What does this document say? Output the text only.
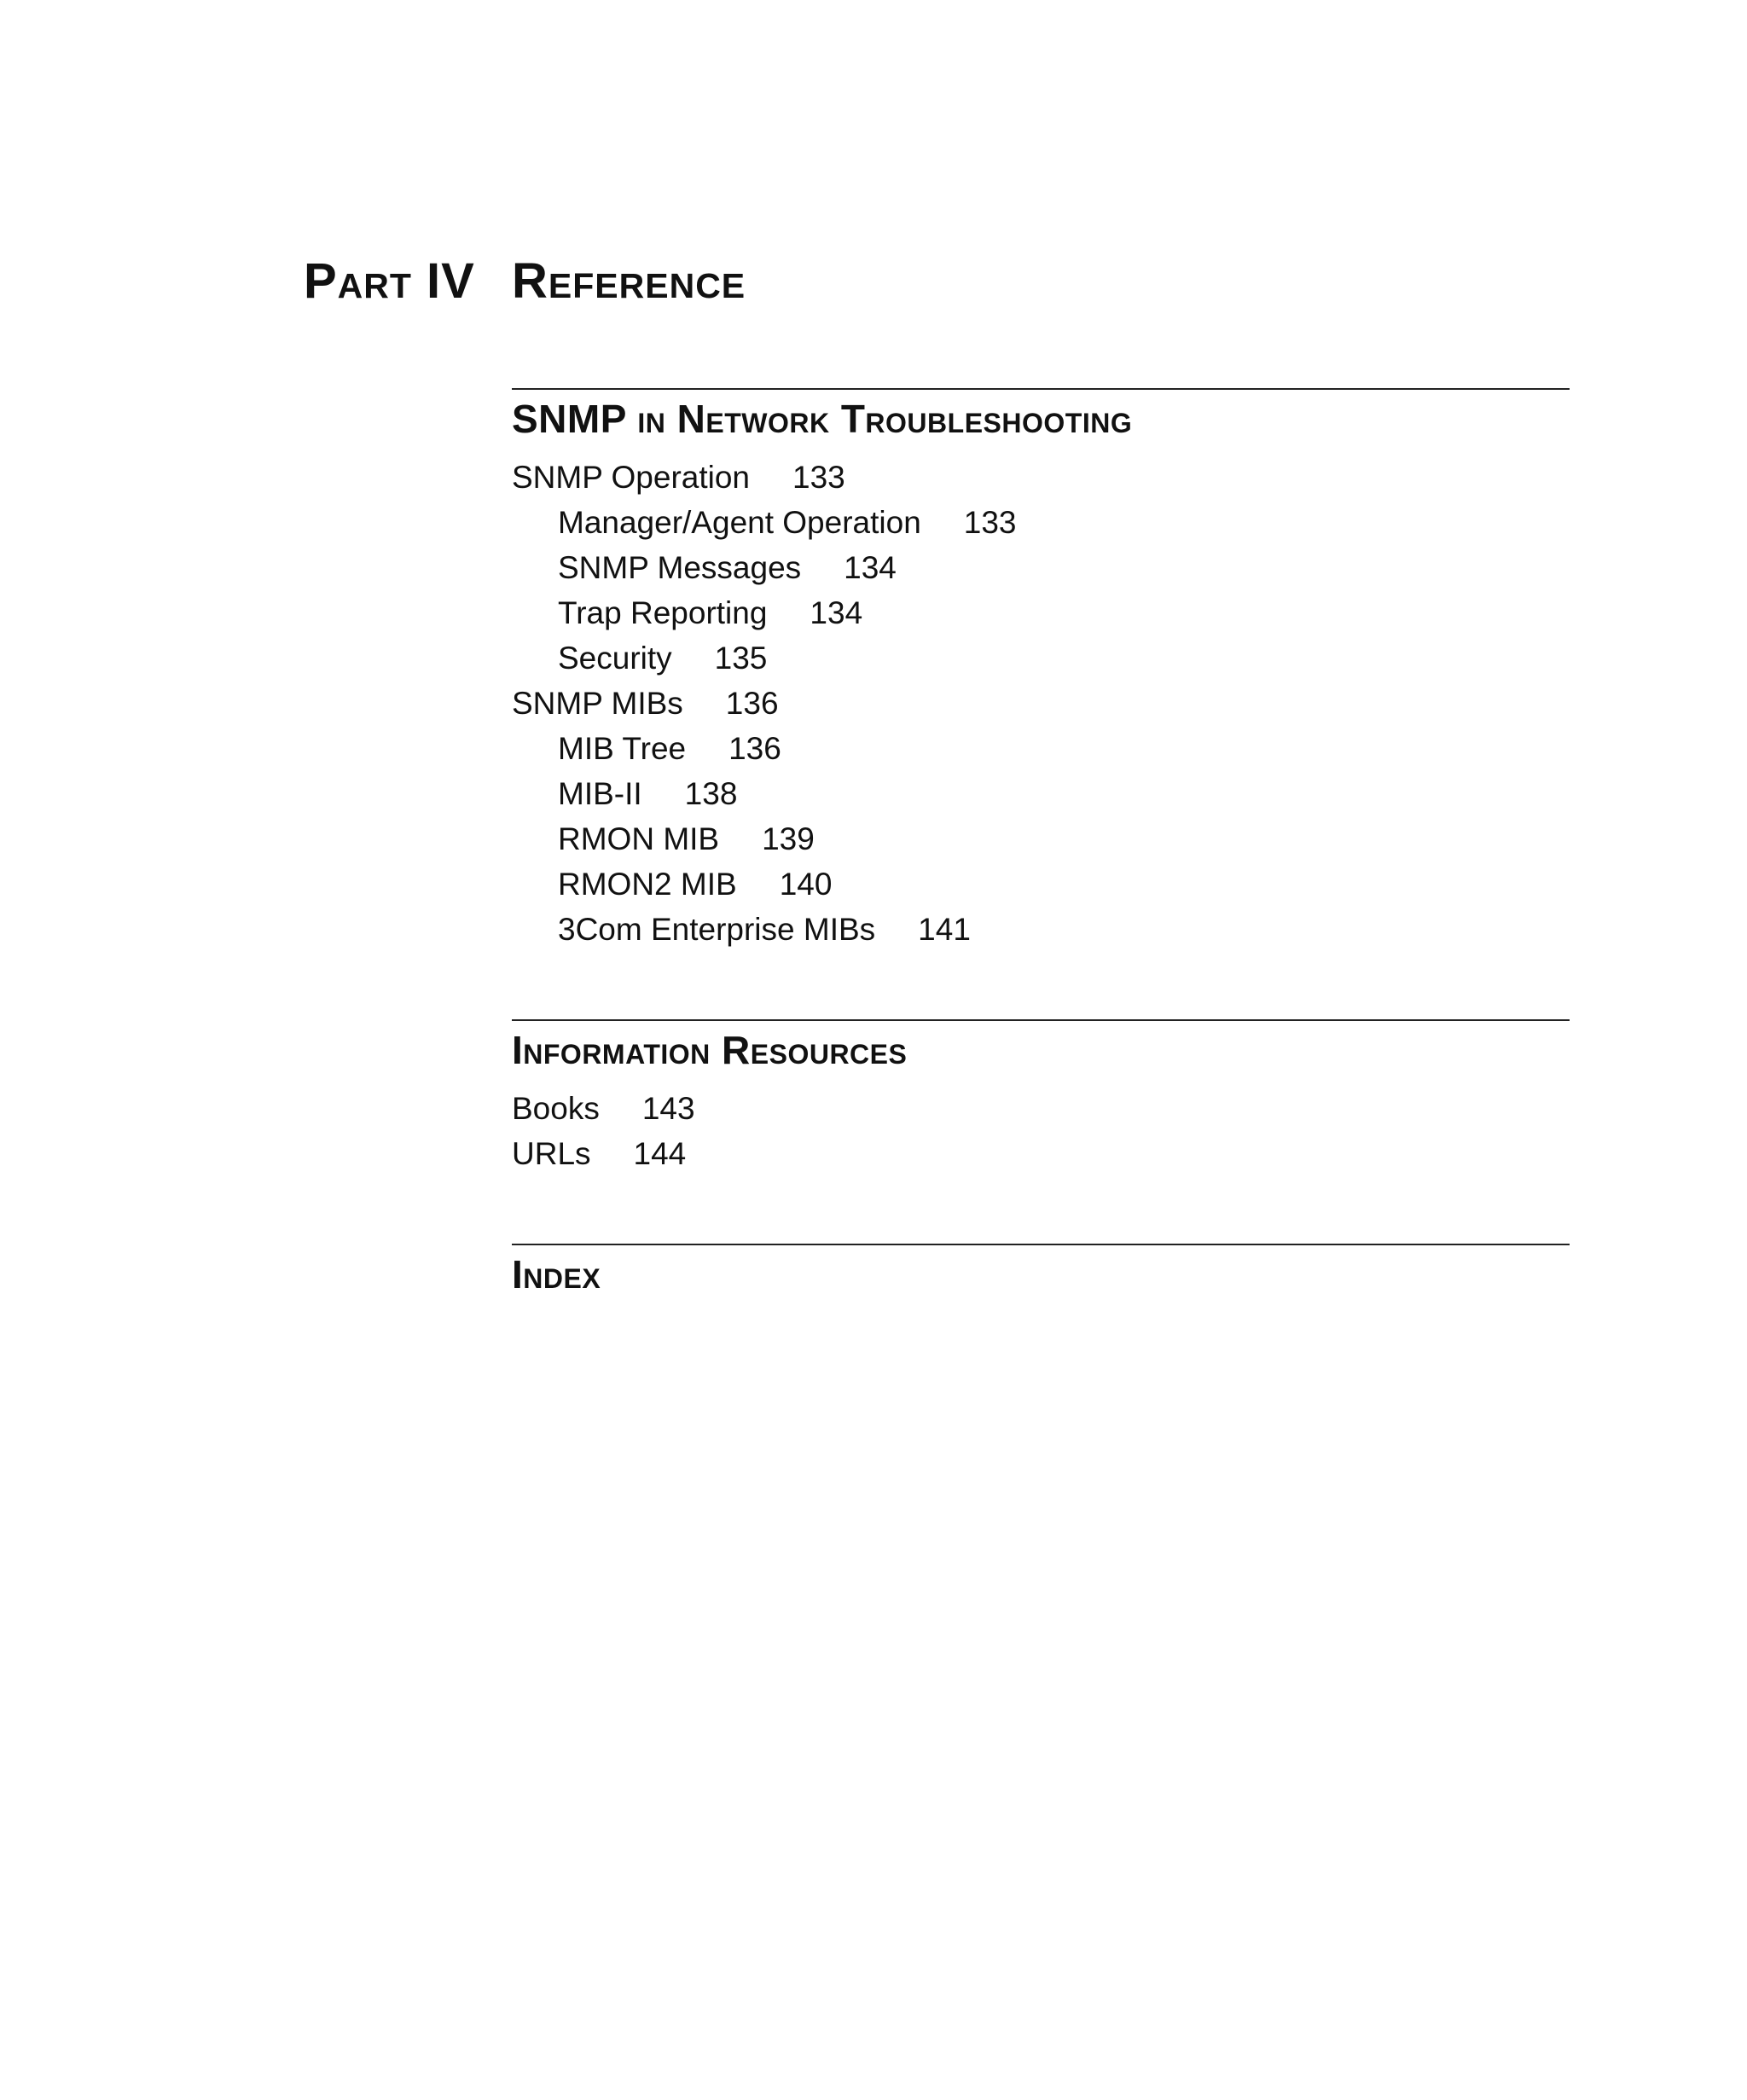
Part IV Reference
SNMP in Network Troubleshooting
SNMP Operation 133
Manager/Agent Operation 133
SNMP Messages 134
Trap Reporting 134
Security 135
SNMP MIBs 136
MIB Tree 136
MIB-II 138
RMON MIB 139
RMON2 MIB 140
3Com Enterprise MIBs 141
Information Resources
Books 143
URLs 144
Index
